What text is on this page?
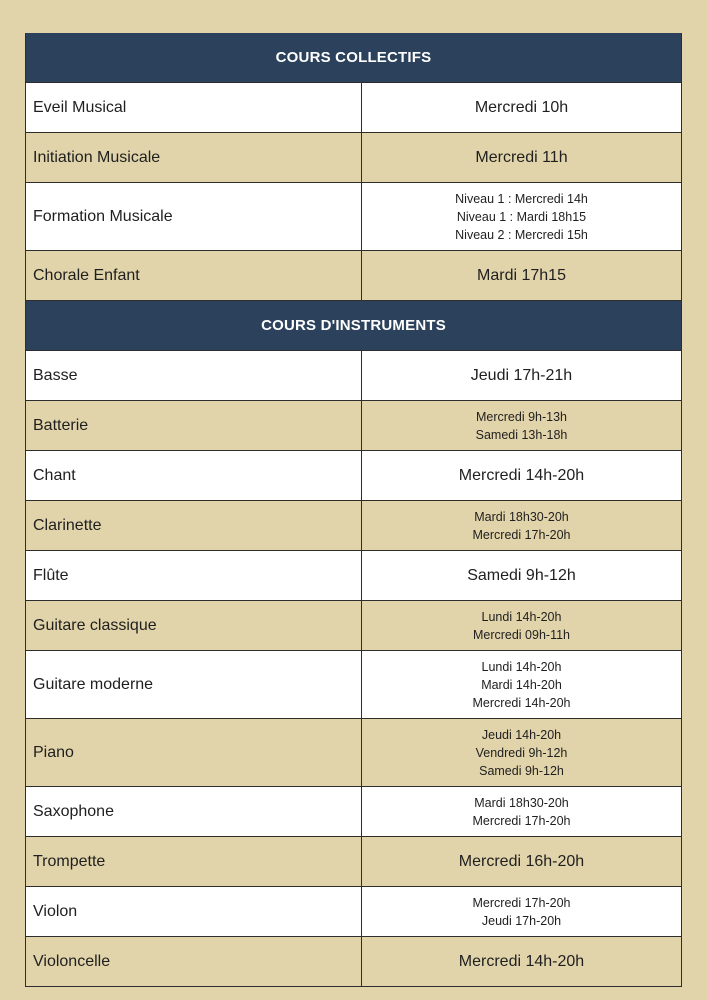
COURS COLLECTIFS
Eveil Musical	Mercredi 10h
Initiation Musicale	Mercredi 11h
Formation Musicale
Niveau 1 : Mercredi 14h
Niveau 1 : Mardi 18h15
Niveau 2 : Mercredi 15h
Chorale Enfant	Mardi 17h15
COURS D'INSTRUMENTS
Basse	Jeudi 17h-21h
Batterie	Mercredi 9h-13h
Samedi 13h-18h
Chant	Mercredi 14h-20h
Clarinette	Mardi 18h30-20h
Mercredi 17h-20h
Flûte	Samedi 9h-12h
Guitare classique	Lundi 14h-20h
Mercredi 09h-11h
Guitare moderne
Lundi 14h-20h
Mardi 14h-20h
Mercredi 14h-20h
Piano
Jeudi 14h-20h
Vendredi 9h-12h
Samedi 9h-12h
Saxophone	Mardi 18h30-20h
Mercredi 17h-20h
Trompette	Mercredi 16h-20h
Violon	Mercredi 17h-20h
Jeudi 17h-20h
Violoncelle	Mercredi 14h-20h
